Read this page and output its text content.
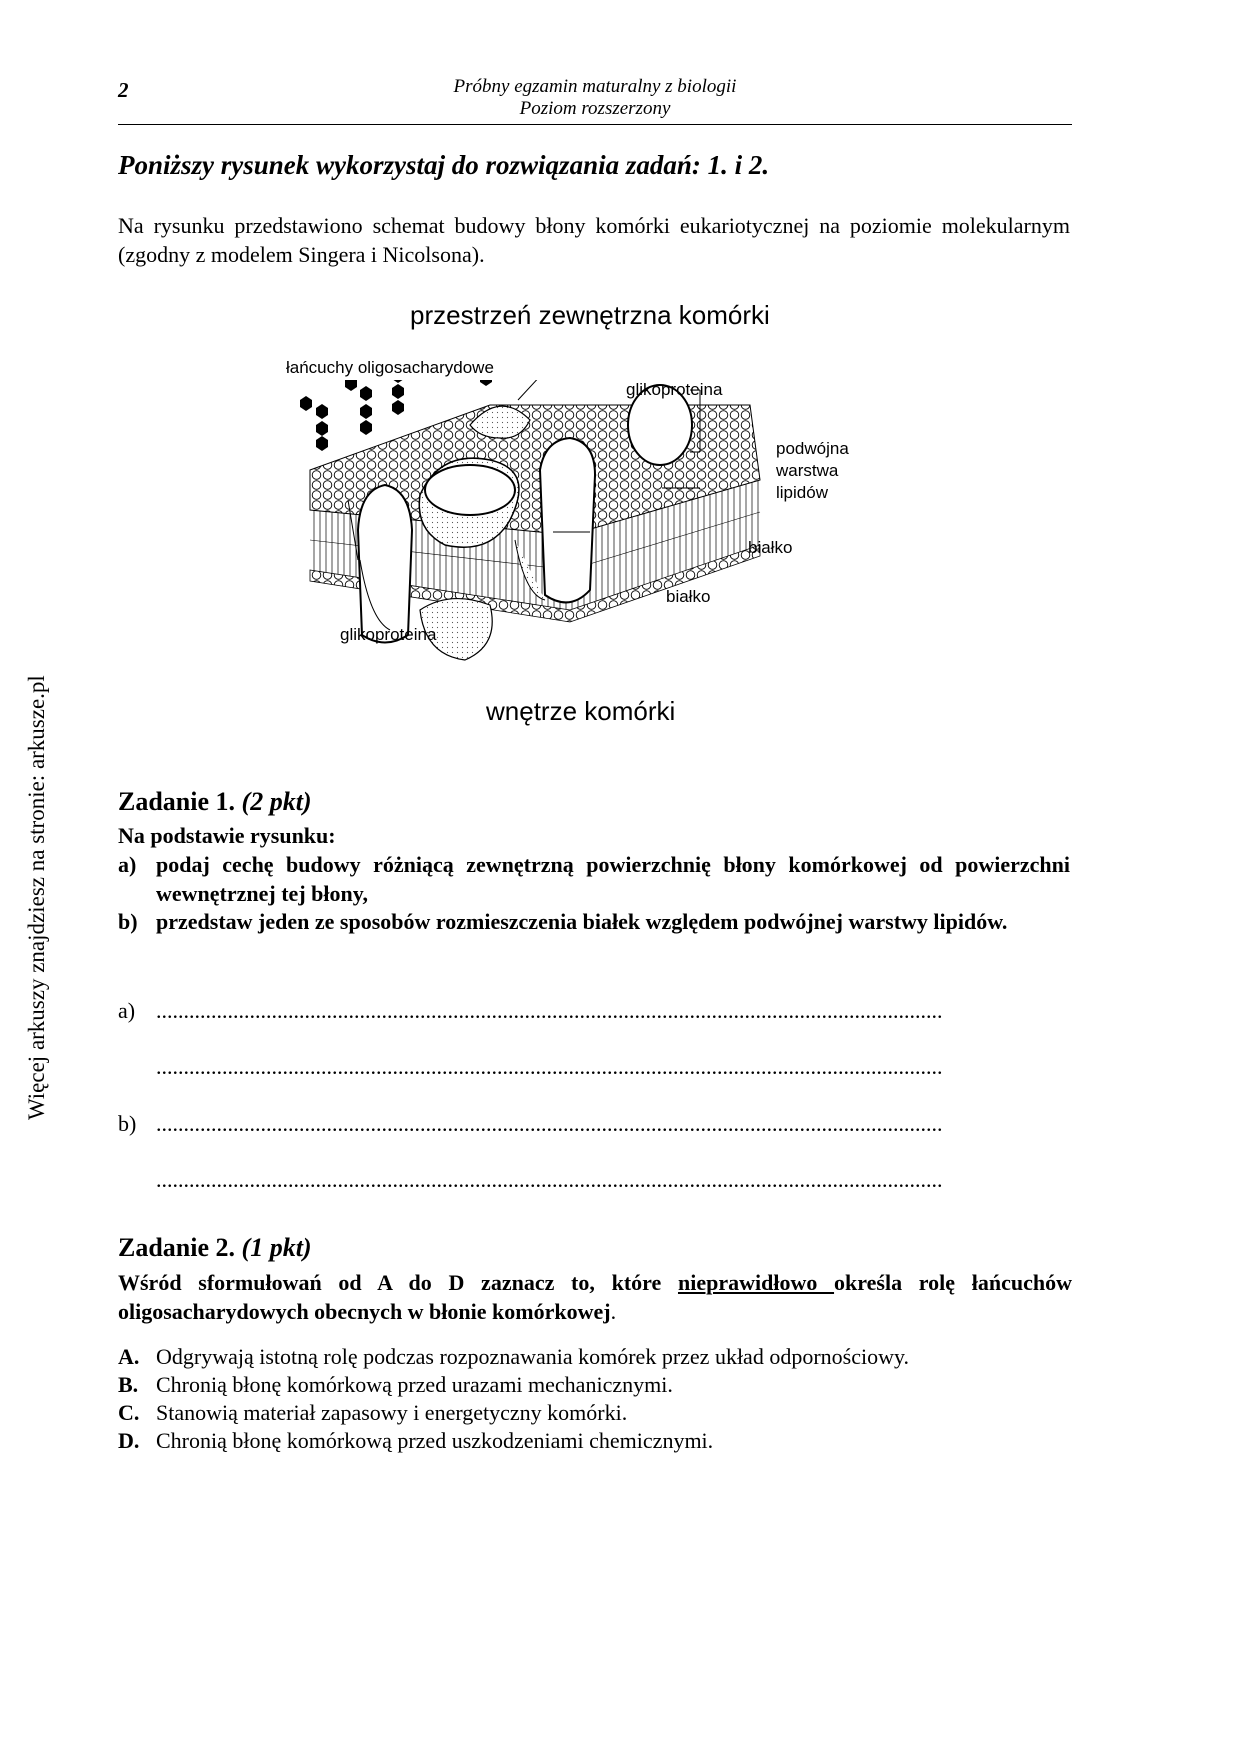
2	Próbny egzamin maturalny z biologii
Poziom rozszerzony
Więcej arkuszy znajdziesz na stronie: arkusze.pl
Poniższy rysunek wykorzystaj do rozwiązania zadań: 1. i 2.
Na rysunku przedstawiono schemat budowy błony komórki eukariotycznej na poziomie molekularnym (zgodny z modelem Singera i Nicolsona).
przestrzeń zewnętrzna komórki
łańcuchy oligosacharydowe
glikoproteina
podwójna
warstwa
lipidów
białko
białko
glikoproteina
wnętrze komórki
Zadanie 1. (2 pkt)
Na podstawie rysunku:
a) podaj cechę budowy różniącą zewnętrzną powierzchnię błony komórkowej od powierzchni wewnętrznej tej błony,
b) przedstaw jeden ze sposobów rozmieszczenia białek względem podwójnej warstwy lipidów.
a) ...............................................................................................................................................
...............................................................................................................................................
b) ...............................................................................................................................................
...............................................................................................................................................
Zadanie 2. (1 pkt)
Wśród sformułowań od A do D zaznacz to, które nieprawidłowo określa rolę łańcuchów oligosacharydowych obecnych w błonie komórkowej.
A. Odgrywają istotną rolę podczas rozpoznawania komórek przez układ odpornościowy.
B. Chronią błonę komórkową przed urazami mechanicznymi.
C. Stanowią materiał zapasowy i energetyczny komórki.
D. Chronią błonę komórkową przed uszkodzeniami chemicznymi.
